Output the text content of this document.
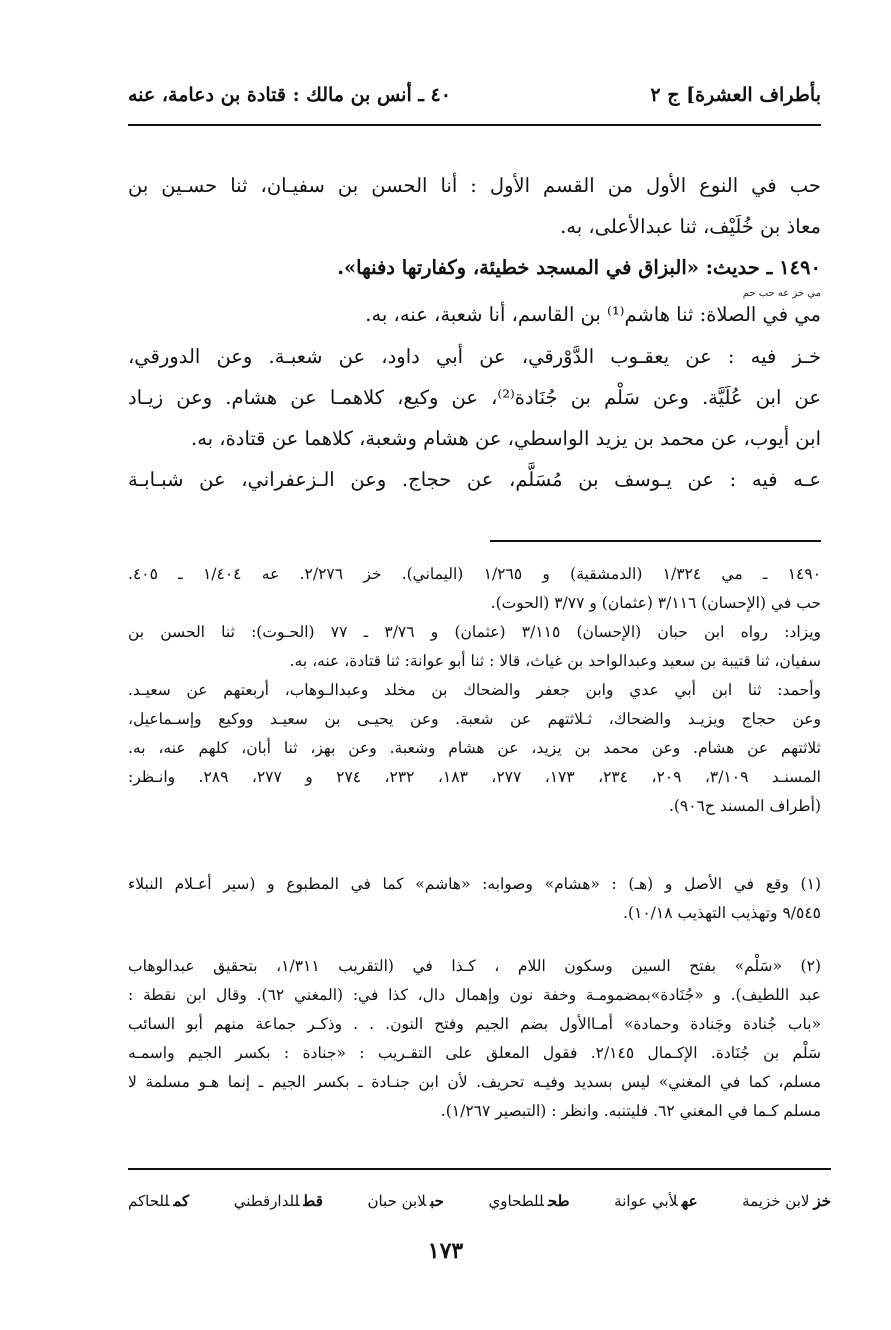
بأطراف العشرة] ج ٢
٤٠ ـ أنس بن مالك : قتادة بن دعامة، عنه
حب في النوع الأول من القسم الأول : أنا الحسن بن سفيـان، ثنا حسـين بن
معاذ بن خُلَيْف، ثنا عبدالأعلى، به.
١٤٩٠ ـ حديث: «البزاق في المسجد خطيئة، وكفارتها دفنها».
مي خز عه حب حم
مي في الصلاة: ثنا هاشم⁽¹⁾ بن القاسم، أنا شعبة، عنه، به.
خـز فيه : عن يعقـوب الدَّوْرقي، عن أبي داود، عن شعبـة. وعن الدورقي،
عن ابن عُلَيَّة. وعن سَلْم بن جُنَادة⁽²⁾، عن وكيع، كلاهمـا عن هشام. وعن زيـاد
ابن أيوب، عن محمد بن يزيد الواسطي، عن هشام وشعبة، كلاهما عن قتادة، به.
عـه فيه : عن يـوسف بن مُسَلَّم، عن حجاج. وعن الـزعفراني، عن شبـابـة
١٤٩٠ ـ مي ١/٣٢٤ (الدمشقية) و ١/٢٦٥ (اليماني). خز ٢/٢٧٦. عه ١/٤٠٤ ـ ٤٠٥.
حب في (الإحسان) ٣/١١٦ (عثمان) و ٣/٧٧ (الحوت).
ويزاد: رواه ابن حبان (الإحسان) ٣/١١٥ (عثمان) و ٣/٧٦ ـ ٧٧ (الحـوت): ثنا الحسن بن
سفيان، ثنا قتيبة بن سعيد وعبدالواحد بن غياث، قالا : ثنا أبو عوانة: ثنا قتادة، عنه، به.
وأحمد: ثنا ابن أبي عدي وابن جعفر والضحاك بن مخلد وعبدالـوهاب، أربعتهم عن سعيـد.
وعن حجاج ويزيـد والضحاك، ثـلاثتهم عن شعبة. وعن يحيـى بن سعيـد ووكيع وإسـماعيل،
ثلاثتهم عن هشام. وعن محمد بن يزيد، عن هشام وشعبة. وعن بهز، ثنا أبان، كلهم عنه، به.
المسنـد ٣/١٠٩، ٢٠٩، ٢٣٤، ١٧٣، ٢٧٧، ١٨٣، ٢٣٢، ٢٧٤ و ٢٧٧، ٢٨٩. وانـظر:
(أطراف المسند ح٩٠٦).
(١) وقع في الأصل و (هـ) : «هشام» وصوابه: «هاشم» كما في المطبوع و (سير أعـلام النبلاء
٩/٥٤٥ وتهذيب التهذيب ١٠/١٨).
(٢) «سَلْم» بفتح السين وسكون اللام ، كـذا في (التقريب ١/٣١١، بتحقيق عبدالوهاب
عبد اللطيف). و «جُنَادة»بمضمومـة وخفة نون وإهمال دال، كذا في: (المغني ٦٢). وقال ابن نقطة :
«باب جُنادة وجَنادة وحمادة» أمـاالأول بضم الجيم وفتح النون. . . وذكـر جماعة منهم أبو السائب
سَلْم بن جُنَادة. الإكـمال ٢/١٤٥. فقول المعلق على التقـريب : «جنادة : بكسر الجيم واسمـه
مسلم، كما في المغني» ليس بسديد وفيـه تحريف. لأن ابن جنـادة ـ بكسر الجيم ـ إنما هـو مسلمة لا
مسلم كـما في المغني ٦٢. فليتنبه. وانظر : (التبصير ١/٢٦٧).
خزلابن خزيمة
عهلأبي عوانة
طحللطحاوي
حبلابن حبان
قطللدارقطني
كمللحاكم
١٧٣
